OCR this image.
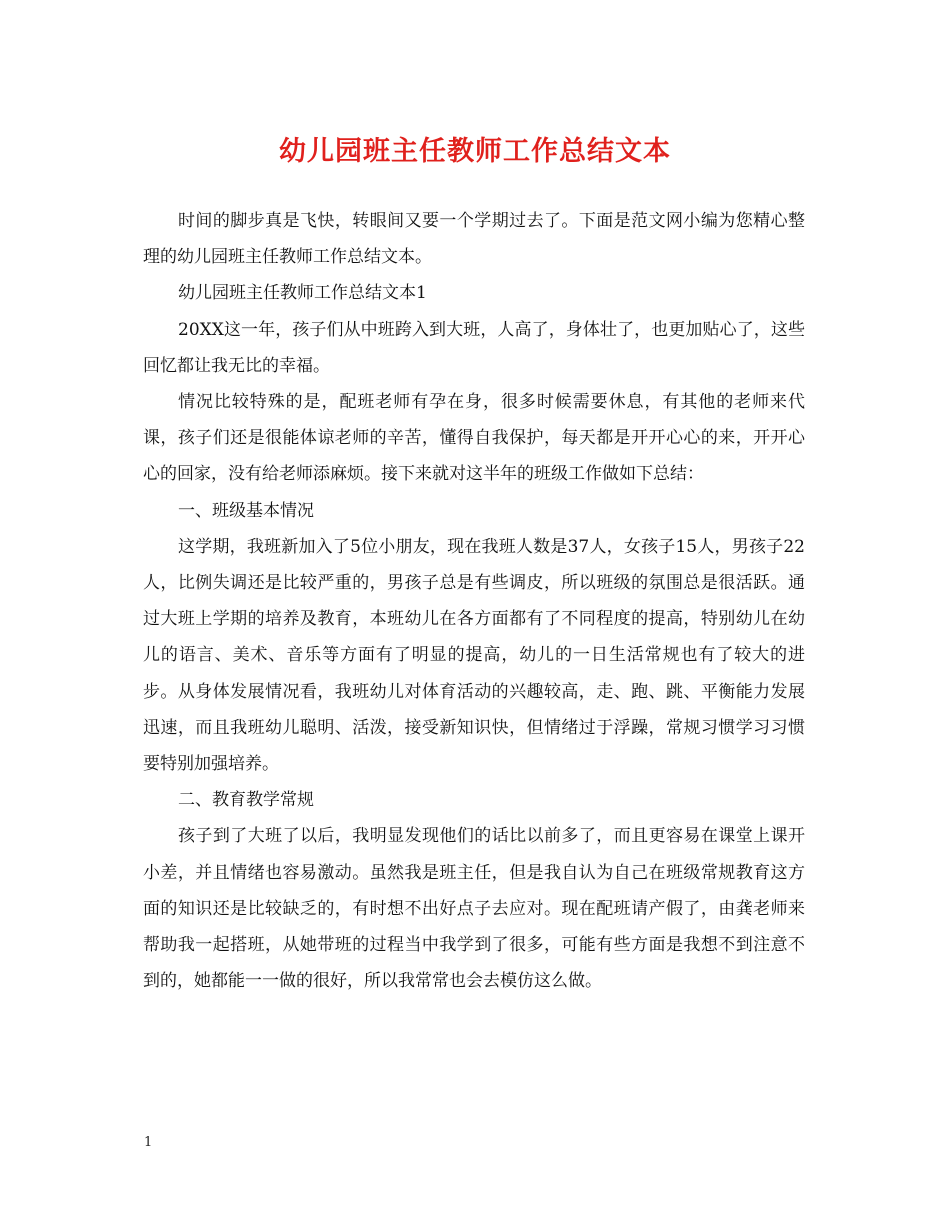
幼儿园班主任教师工作总结文本

时间的脚步真是飞快，转眼间又要一个学期过去了。下面是范文网小编为您精心整理的幼儿园班主任教师工作总结文本。

幼儿园班主任教师工作总结文本1

20XX这一年，孩子们从中班跨入到大班，人高了，身体壮了，也更加贴心了，这些回忆都让我无比的幸福。

情况比较特殊的是，配班老师有孕在身，很多时候需要休息，有其他的老师来代课，孩子们还是很能体谅老师的辛苦，懂得自我保护，每天都是开开心心的来，开开心心的回家，没有给老师添麻烦。接下来就对这半年的班级工作做如下总结：

一、班级基本情况

这学期，我班新加入了5位小朋友，现在我班人数是37人，女孩子15人，男孩子22人，比例失调还是比较严重的，男孩子总是有些调皮，所以班级的氛围总是很活跃。通过大班上学期的培养及教育，本班幼儿在各方面都有了不同程度的提高，特别幼儿在幼儿的语言、美术、音乐等方面有了明显的提高，幼儿的一日生活常规也有了较大的进步。从身体发展情况看，我班幼儿对体育活动的兴趣较高，走、跑、跳、平衡能力发展迅速，而且我班幼儿聪明、活泼，接受新知识快，但情绪过于浮躁，常规习惯学习习惯要特别加强培养。

二、教育教学常规

孩子到了大班了以后，我明显发现他们的话比以前多了，而且更容易在课堂上课开小差，并且情绪也容易激动。虽然我是班主任，但是我自认为自己在班级常规教育这方面的知识还是比较缺乏的，有时想不出好点子去应对。现在配班请产假了，由龚老师来帮助我一起搭班，从她带班的过程当中我学到了很多，可能有些方面是我想不到注意不到的，她都能一一做的很好，所以我常常也会去模仿这么做。

1
